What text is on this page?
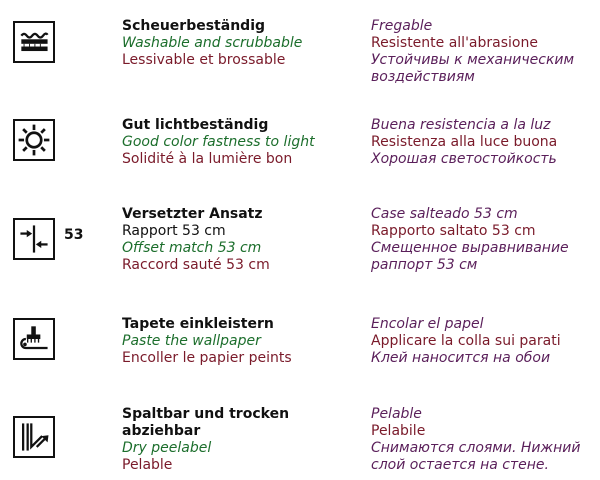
Scheuerbeständig
Washable and scrubbable
Lessivable et brossable
Fregable
Resistente all'abrasione
Устойчивы к механическим воздействиям
Gut lichtbeständig
Good color fastness to light
Solidité à la lumière bon
Buena resistencia a la luz
Resistenza alla luce buona
Хорошая светостойкость
53
Versetzter Ansatz
Rapport 53 cm
Offset match 53 cm
Raccord sauté 53 cm
Case salteado 53 cm
Rapporto saltato 53 cm
Смещенное выравнивание раппорт 53 см
Tapete einkleistern
Paste the wallpaper
Encoller le papier peints
Encolar el papel
Applicare la colla sui parati
Клей наносится на обои
Spaltbar und trocken abziehbar
Dry peelabel
Pelable
Pelable
Pelabile
Снимаются слоями. Нижний слой остается на стене.
